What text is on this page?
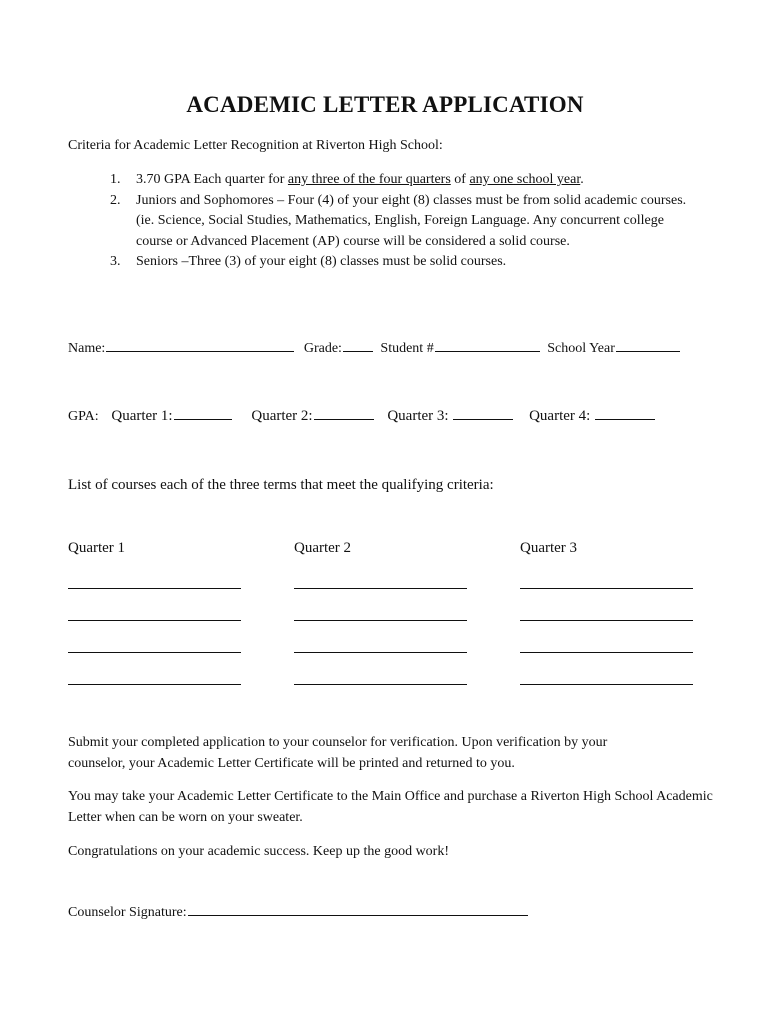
ACADEMIC LETTER APPLICATION
Criteria for Academic Letter Recognition at Riverton High School:
1. 3.70 GPA Each quarter for any three of the four quarters of any one school year.
2. Juniors and Sophomores – Four (4) of your eight (8) classes must be from solid academic courses. (ie. Science, Social Studies, Mathematics, English, Foreign Language. Any concurrent college course or Advanced Placement (AP) course will be considered a solid course.
3. Seniors –Three (3) of your eight (8) classes must be solid courses.
Name:	Grade:	Student #	School Year
GPA: Quarter 1:	Quarter 2:	Quarter 3:	Quarter 4:
List of courses each of the three terms that meet the qualifying criteria:
Quarter 1	Quarter 2	Quarter 3
Submit your completed application to your counselor for verification. Upon verification by your counselor, your Academic Letter Certificate will be printed and returned to you.
You may take your Academic Letter Certificate to the Main Office and purchase a Riverton High School Academic Letter when can be worn on your sweater.
Congratulations on your academic success. Keep up the good work!
Counselor Signature:
